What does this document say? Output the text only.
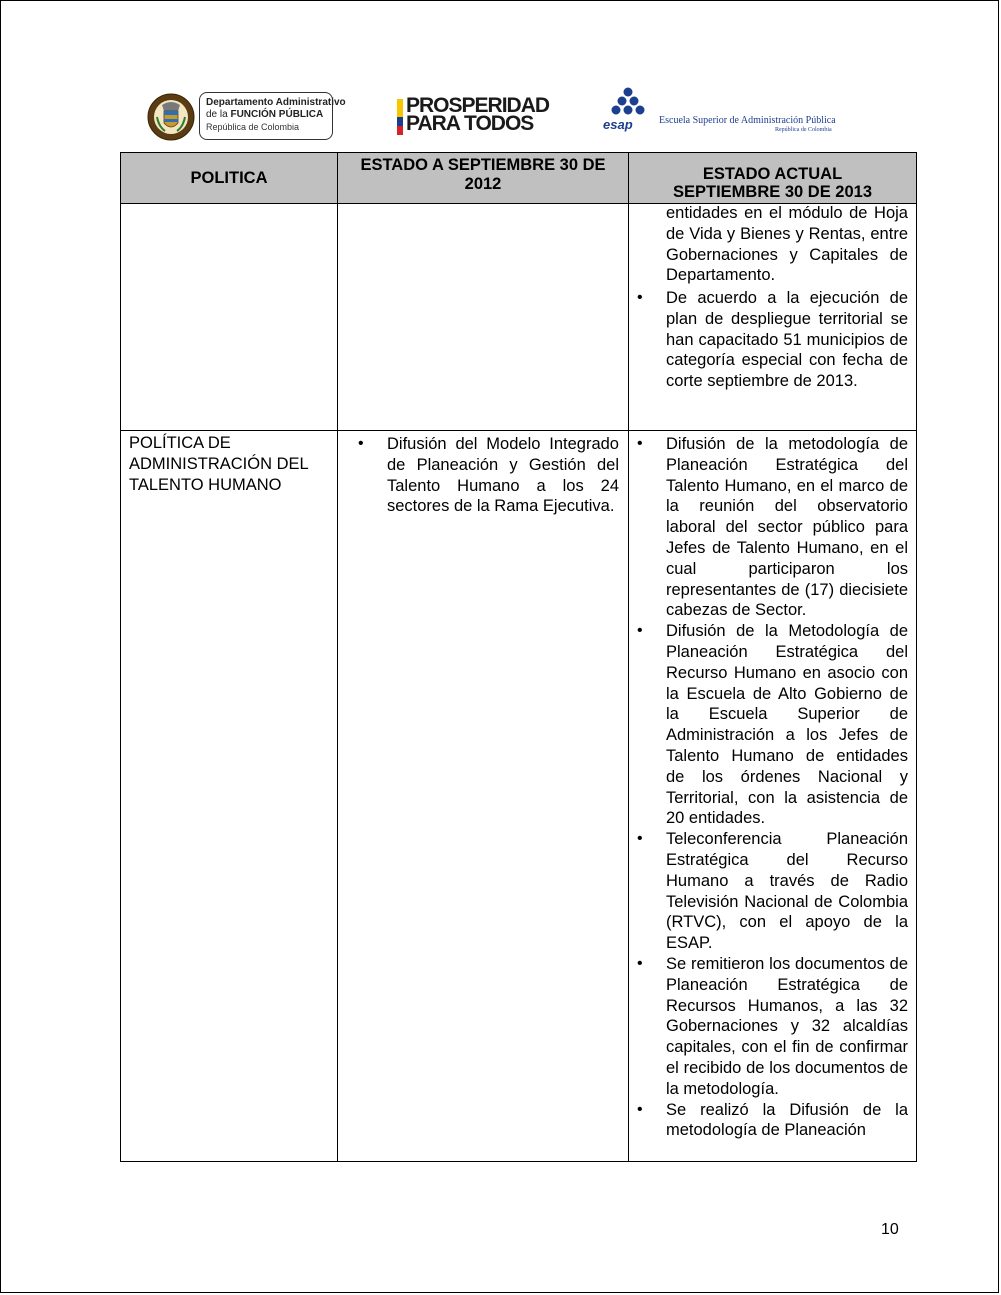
Departamento Administrativo
de la FUNCIÓN PÚBLICA
República de Colombia
PROSPERIDAD
PARA TODOS	esap	Escuela Superior de Administración Pública
República de Colombia
POLITICA
ESTADO A SEPTIEMBRE 30 DE
2012
ESTADO ACTUAL
SEPTIEMBRE 30 DE 2013
entidades en el módulo de Hoja de Vida y Bienes y Rentas, entre Gobernaciones y Capitales de Departamento.
• De acuerdo a la ejecución de plan de despliegue territorial se han capacitado 51 municipios de categoría especial con fecha de corte septiembre de 2013.
POLÍTICA DE ADMINISTRACIÓN DEL TALENTO HUMANO
• Difusión del Modelo Integrado de Planeación y Gestión del Talento Humano a los 24 sectores de la Rama Ejecutiva.
• Difusión de la metodología de Planeación Estratégica del Talento Humano, en el marco de la reunión del observatorio laboral del sector público para Jefes de Talento Humano, en el cual participaron los representantes de (17) diecisiete cabezas de Sector.
• Difusión de la Metodología de Planeación Estratégica del Recurso Humano en asocio con la Escuela de Alto Gobierno de la Escuela Superior de Administración a los Jefes de Talento Humano de entidades de los órdenes Nacional y Territorial, con la asistencia de 20 entidades.
• Teleconferencia Planeación Estratégica del Recurso Humano a través de Radio Televisión Nacional de Colombia (RTVC), con el apoyo de la ESAP.
• Se remitieron los documentos de Planeación Estratégica de Recursos Humanos, a las 32 Gobernaciones y 32 alcaldías capitales, con el fin de confirmar el recibido de los documentos de la metodología.
• Se realizó la Difusión de la metodología de Planeación
10
